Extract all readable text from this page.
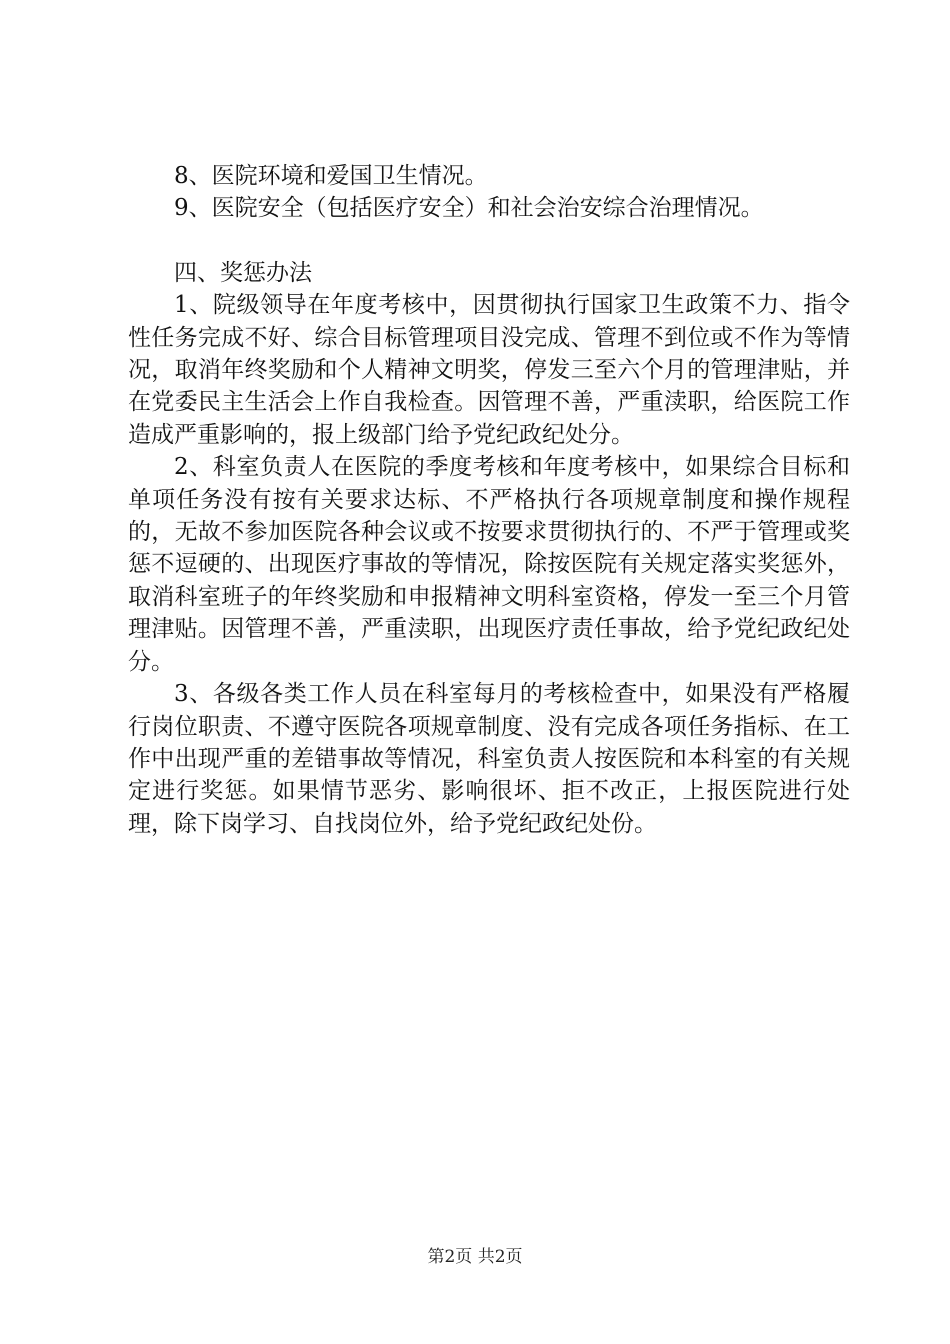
8、医院环境和爱国卫生情况。

9、医院安全（包括医疗安全）和社会治安综合治理情况。

四、奖惩办法

1、院级领导在年度考核中，因贯彻执行国家卫生政策不力、指令性任务完成不好、综合目标管理项目没完成、管理不到位或不作为等情况，取消年终奖励和个人精神文明奖，停发三至六个月的管理津贴，并在党委民主生活会上作自我检查。因管理不善，严重渎职，给医院工作造成严重影响的，报上级部门给予党纪政纪处分。

2、科室负责人在医院的季度考核和年度考核中，如果综合目标和单项任务没有按有关要求达标、不严格执行各项规章制度和操作规程的，无故不参加医院各种会议或不按要求贯彻执行的、不严于管理或奖惩不逗硬的、出现医疗事故的等情况，除按医院有关规定落实奖惩外，取消科室班子的年终奖励和申报精神文明科室资格，停发一至三个月管理津贴。因管理不善，严重渎职，出现医疗责任事故，给予党纪政纪处分。

3、各级各类工作人员在科室每月的考核检查中，如果没有严格履行岗位职责、不遵守医院各项规章制度、没有完成各项任务指标、在工作中出现严重的差错事故等情况，科室负责人按医院和本科室的有关规定进行奖惩。如果情节恶劣、影响很坏、拒不改正，上报医院进行处理，除下岗学习、自找岗位外，给予党纪政纪处份。

第2页 共2页
